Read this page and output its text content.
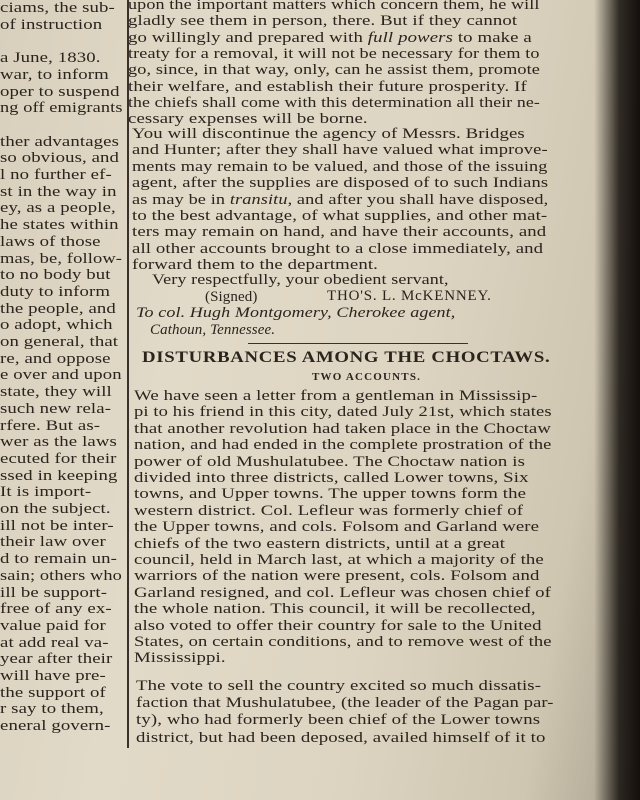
ciams, the sub-
of instruction
a June, 1830.
war, to inform
oper to suspend
ng off emigrants
ther advantages
so obvious, and
l no further ef-
st in the way in
ey, as a people,
he states within
laws of those
mas, be, follow-
to no body but
duty to inform
the people, and
o adopt, which
on general, that
re, and oppose
e over and upon
state, they will
such new rela-
rfere. But as-
wer as the laws
ecuted for their
ssed in keeping
It is import-
on the subject.
ill not be inter-
their law over
d to remain un-
sain; others who
ill be support-
free of any ex-
value paid for
at add real va-
year after their
will have pre-
the support of
r say to them,
eneral govern-
upon the important matters which concern them, he will
gladly see them in person, there. But if they cannot
go willingly and prepared with full powers to make a
treaty for a removal, it will not be necessary for them to
go, since, in that way, only, can he assist them, promote
their welfare, and establish their future prosperity. If
the chiefs shall come with this determination all their ne-
cessary expenses will be borne.
You will discontinue the agency of Messrs. Bridges
and Hunter; after they shall have valued what improve-
ments may remain to be valued, and those of the issuing
agent, after the supplies are disposed of to such Indians
as may be in transitu, and after you shall have disposed,
to the best advantage, of what supplies, and other mat-
ters may remain on hand, and have their accounts, and
all other accounts brought to a close immediately, and
forward them to the department.
Very respectfully, your obedient servant,
(Signed)	THO'S. L. McKENNEY.
To col. Hugh Montgomery, Cherokee agent,
Cathoun, Tennessee.
DISTURBANCES AMONG THE CHOCTAWS.
TWO ACCOUNTS.
We have seen a letter from a gentleman in Mississip-
pi to his friend in this city, dated July 21st, which states
that another revolution had taken place in the Choctaw
nation, and had ended in the complete prostration of the
power of old Mushulatubee. The Choctaw nation is
divided into three districts, called Lower towns, Six
towns, and Upper towns. The upper towns form the
western district. Col. Lefleur was formerly chief of
the Upper towns, and cols. Folsom and Garland were
chiefs of the two eastern districts, until at a great
council, held in March last, at which a majority of the
warriors of the nation were present, cols. Folsom and
Garland resigned, and col. Lefleur was chosen chief of
the whole nation. This council, it will be recollected,
also voted to offer their country for sale to the United
States, on certain conditions, and to remove west of the
Mississippi.
The vote to sell the country excited so much dissatis-
faction that Mushulatubee, (the leader of the Pagan par-
ty), who had formerly been chief of the Lower towns
district, but had been deposed, availed himself of it to
